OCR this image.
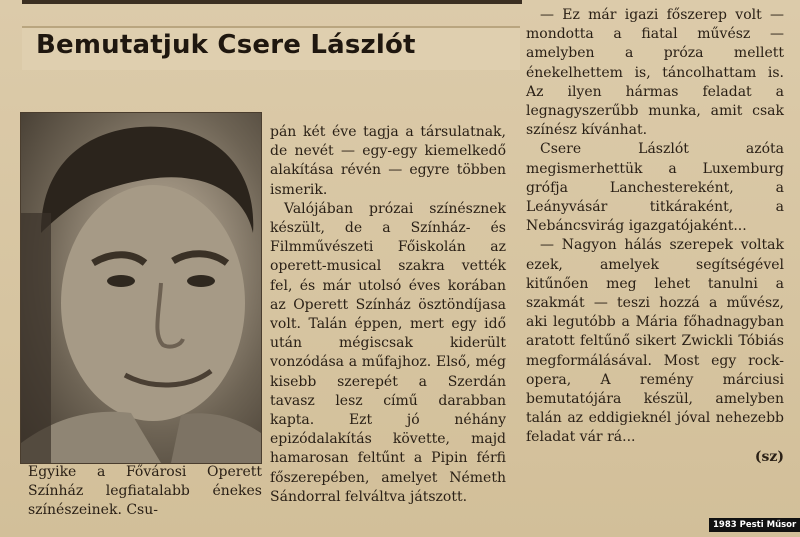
Bemutatjuk Csere Lászlót
Egyike a Fővárosi Operett Színház legfiatalabb énekes színészeinek. Csu-

pán két éve tagja a társulatnak, de nevét — egy-egy kiemelkedő alakítása révén — egyre többen ismerik.

Valójában prózai színésznek készült, de a Színház- és Filmművészeti Főiskolán az operett-musical szakra vették fel, és már utolsó éves korában az Operett Színház ösztöndíjasa volt. Talán éppen, mert egy idő után mégiscsak kiderült vonzódása a műfajhoz. Első, még kisebb szerepét a Szerdán tavasz lesz című darabban kapta. Ezt jó néhány epizódalakítás követte, majd hamarosan feltűnt a Pipin férfi főszerepében, amelyet Németh Sándorral felváltva játszott.

— Ez már igazi főszerep volt — mondotta a fiatal művész — amelyben a próza mellett énekelhettem is, táncolhattam is. Az ilyen hármas feladat a legnagyszerűbb munka, amit csak színész kívánhat.

Csere Lászlót azóta megismerhettük a Luxemburg grófja Lanchestereként, a Leányvásár titkáraként, a Nebáncsvirág igazgatójaként...

— Nagyon hálás szerepek voltak ezek, amelyek segítségével kitűnően meg lehet tanulni a szakmát — teszi hozzá a művész, aki legutóbb a Mária főhadnagyban aratott feltűnő sikert Zwickli Tóbiás megformálásával. Most egy rock-opera, A remény márciusi bemutatójára készül, amelyben talán az eddigieknél jóval nehezebb feladat vár rá...

(sz)

1983 Pesti Műsor
